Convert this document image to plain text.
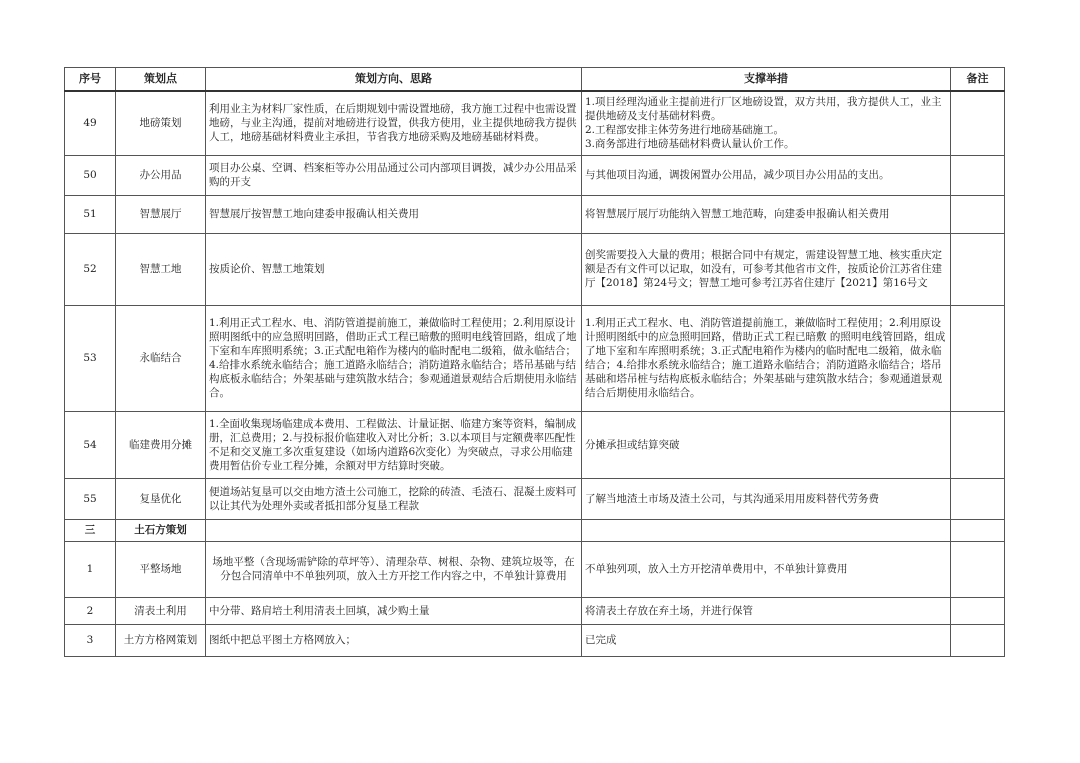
序号	策划点	策划方向、思路	支撑举措	备注
49	地磅策划	利用业主为材料厂家性质，在后期规划中需设置地磅，我方施工过程中也需设置地磅，与业主沟通，提前对地磅进行设置，供我方使用，业主提供地磅我方提供人工，地磅基础材料费业主承担，节省我方地磅采购及地磅基础材料费。	1.项目经理沟通业主提前进行厂区地磅设置，双方共用，我方提供人工，业主提供地磅及支付基础材料费。
2.工程部安排主体劳务进行地磅基础施工。
3.商务部进行地磅基础材料费认量认价工作。	
50	办公用品	项目办公桌、空调、档案柜等办公用品通过公司内部项目调拨，减少办公用品采购的开支	与其他项目沟通，调拨闲置办公用品，减少项目办公用品的支出。	
51	智慧展厅	智慧展厅按智慧工地向建委申报确认相关费用	将智慧展厅展厅功能纳入智慧工地范畴，向建委申报确认相关费用	
52	智慧工地	按质论价、智慧工地策划	创奖需要投入大量的费用；根据合同中有规定，需建设智慧工地、核实重庆定额是否有文件可以记取，如没有，可参考其他省市文件，按质论价江苏省住建厅【2018】第24号文；智慧工地可参考江苏省住建厅【2021】第16号文	
53	永临结合	1.利用正式工程水、电、消防管道提前施工，兼做临时工程使用；2.利用原设计照明图纸中的应急照明回路，借助正式工程已暗敷的照明电线管回路，组成了地下室和车库照明系统；3.正式配电箱作为楼内的临时配电二级箱，做永临结合；4.给排水系统永临结合；施工道路永临结合；消防道路永临结合；塔吊基础与结构底板永临结合；外架基础与建筑散水结合；参观通道景观结合后期使用永临结合。	1.利用正式工程水、电、消防管道提前施工，兼做临时工程使用；2.利用原设计照明图纸中的应急照明回路，借助正式工程已暗敷 的照明电线管回路，组成了地下室和车库照明系统；3.正式配电箱作为楼内的临时配电二级箱，做永临结合；4.给排水系统永临结合；施工道路永临结合；消防道路永临结合；塔吊基础和塔吊桩与结构底板永临结合；外架基础与建筑散水结合；参观通道景观结合后期使用永临结合。	
54	临建费用分摊	1.全面收集现场临建成本费用、工程做法、计量证据、临建方案等资料，编制成册，汇总费用；2.与投标报价临建收入对比分析；3.以本项目与定额费率匹配性不足和交叉施工多次重复建设（如场内道路6次变化）为突破点，寻求公用临建费用暂估价专业工程分摊，余额对甲方结算时突破。	分摊承担或结算突破	
55	复垦优化	便道场站复垦可以交由地方渣土公司施工，挖除的砖渣、毛渣石、混凝土废料可以让其代为处理外卖或者抵扣部分复垦工程款	了解当地渣土市场及渣土公司，与其沟通采用用废料替代劳务费	
三	土石方策划			
1	平整场地	场地平整（含现场需铲除的草坪等）、清理杂草、树根、杂物、建筑垃圾等，在分包合同清单中不单独列项，放入土方开挖工作内容之中，不单独计算费用	不单独列项，放入土方开挖清单费用中，不单独计算费用	
2	清表土利用	中分带、路肩培土利用清表土回填，减少购土量	将清表土存放在弃土场，并进行保管	
3	土方方格网策划	图纸中把总平图土方格网放入；	已完成	
